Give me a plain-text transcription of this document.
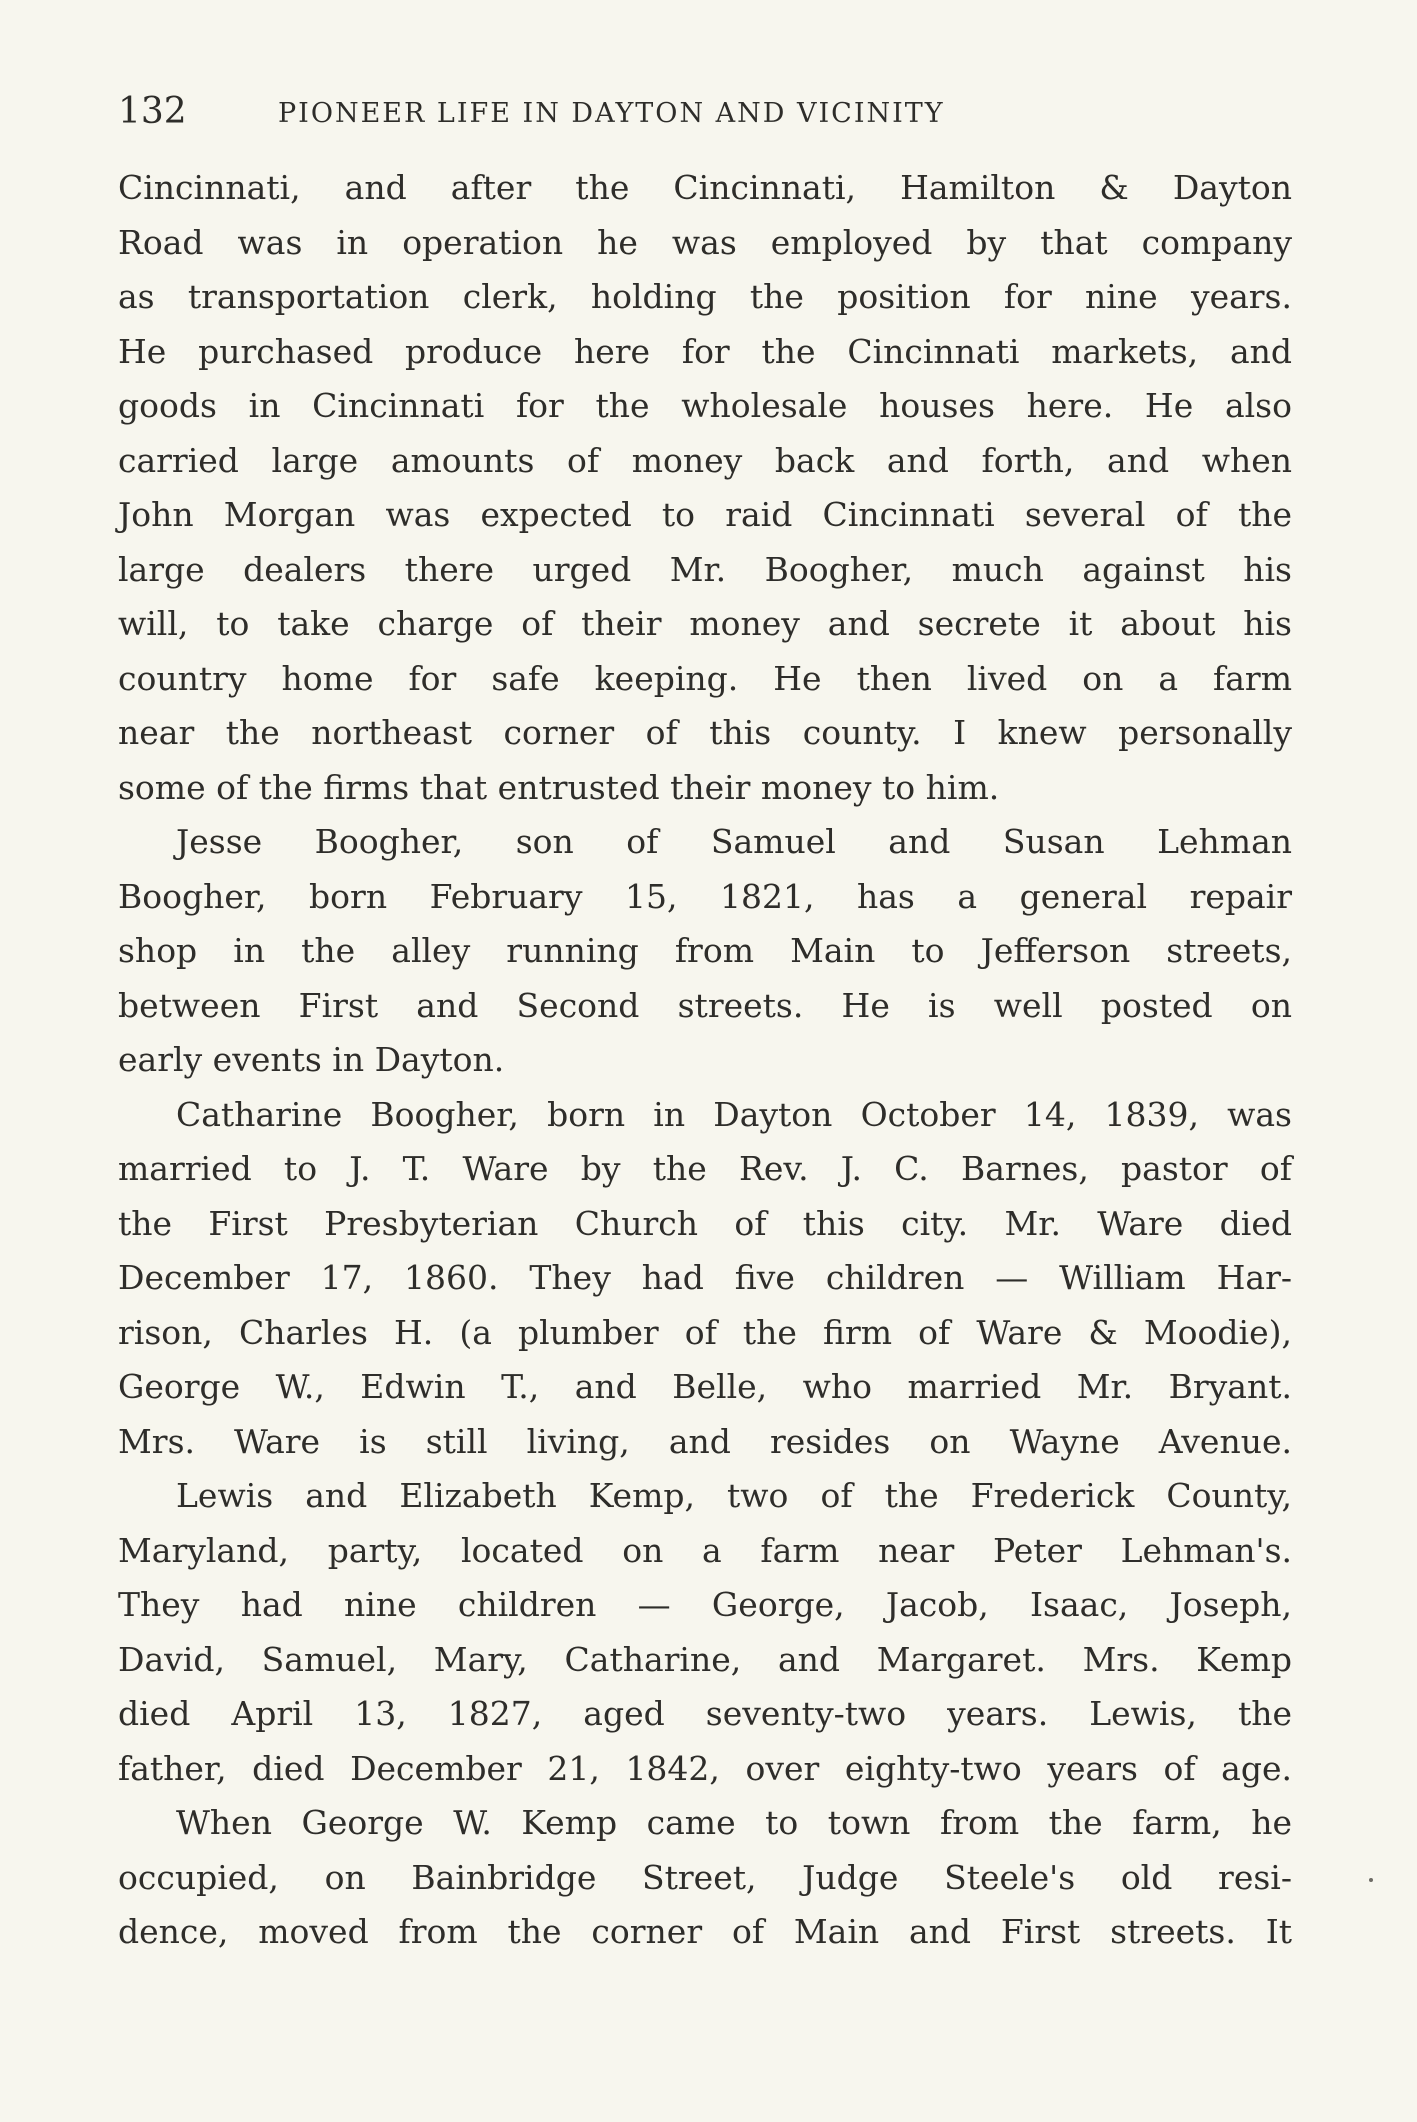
132	PIONEER LIFE IN DAYTON AND VICINITY
Cincinnati, and after the Cincinnati, Hamilton & Dayton
Road was in operation he was employed by that company
as transportation clerk, holding the position for nine years.
He purchased produce here for the Cincinnati markets, and
goods in Cincinnati for the wholesale houses here. He also
carried large amounts of money back and forth, and when
John Morgan was expected to raid Cincinnati several of the
large dealers there urged Mr. Boogher, much against his
will, to take charge of their money and secrete it about his
country home for safe keeping. He then lived on a farm
near the northeast corner of this county. I knew personally
some of the firms that entrusted their money to him.
Jesse Boogher, son of Samuel and Susan Lehman
Boogher, born February 15, 1821, has a general repair
shop in the alley running from Main to Jefferson streets,
between First and Second streets. He is well posted on
early events in Dayton.
Catharine Boogher, born in Dayton October 14, 1839, was
married to J. T. Ware by the Rev. J. C. Barnes, pastor of
the First Presbyterian Church of this city. Mr. Ware died
December 17, 1860. They had five children — William Har-
rison, Charles H. (a plumber of the firm of Ware & Moodie),
George W., Edwin T., and Belle, who married Mr. Bryant.
Mrs. Ware is still living, and resides on Wayne Avenue.
Lewis and Elizabeth Kemp, two of the Frederick County,
Maryland, party, located on a farm near Peter Lehman's.
They had nine children — George, Jacob, Isaac, Joseph,
David, Samuel, Mary, Catharine, and Margaret. Mrs. Kemp
died April 13, 1827, aged seventy-two years. Lewis, the
father, died December 21, 1842, over eighty-two years of age.
When George W. Kemp came to town from the farm, he
occupied, on Bainbridge Street, Judge Steele's old resi-
dence, moved from the corner of Main and First streets. It
